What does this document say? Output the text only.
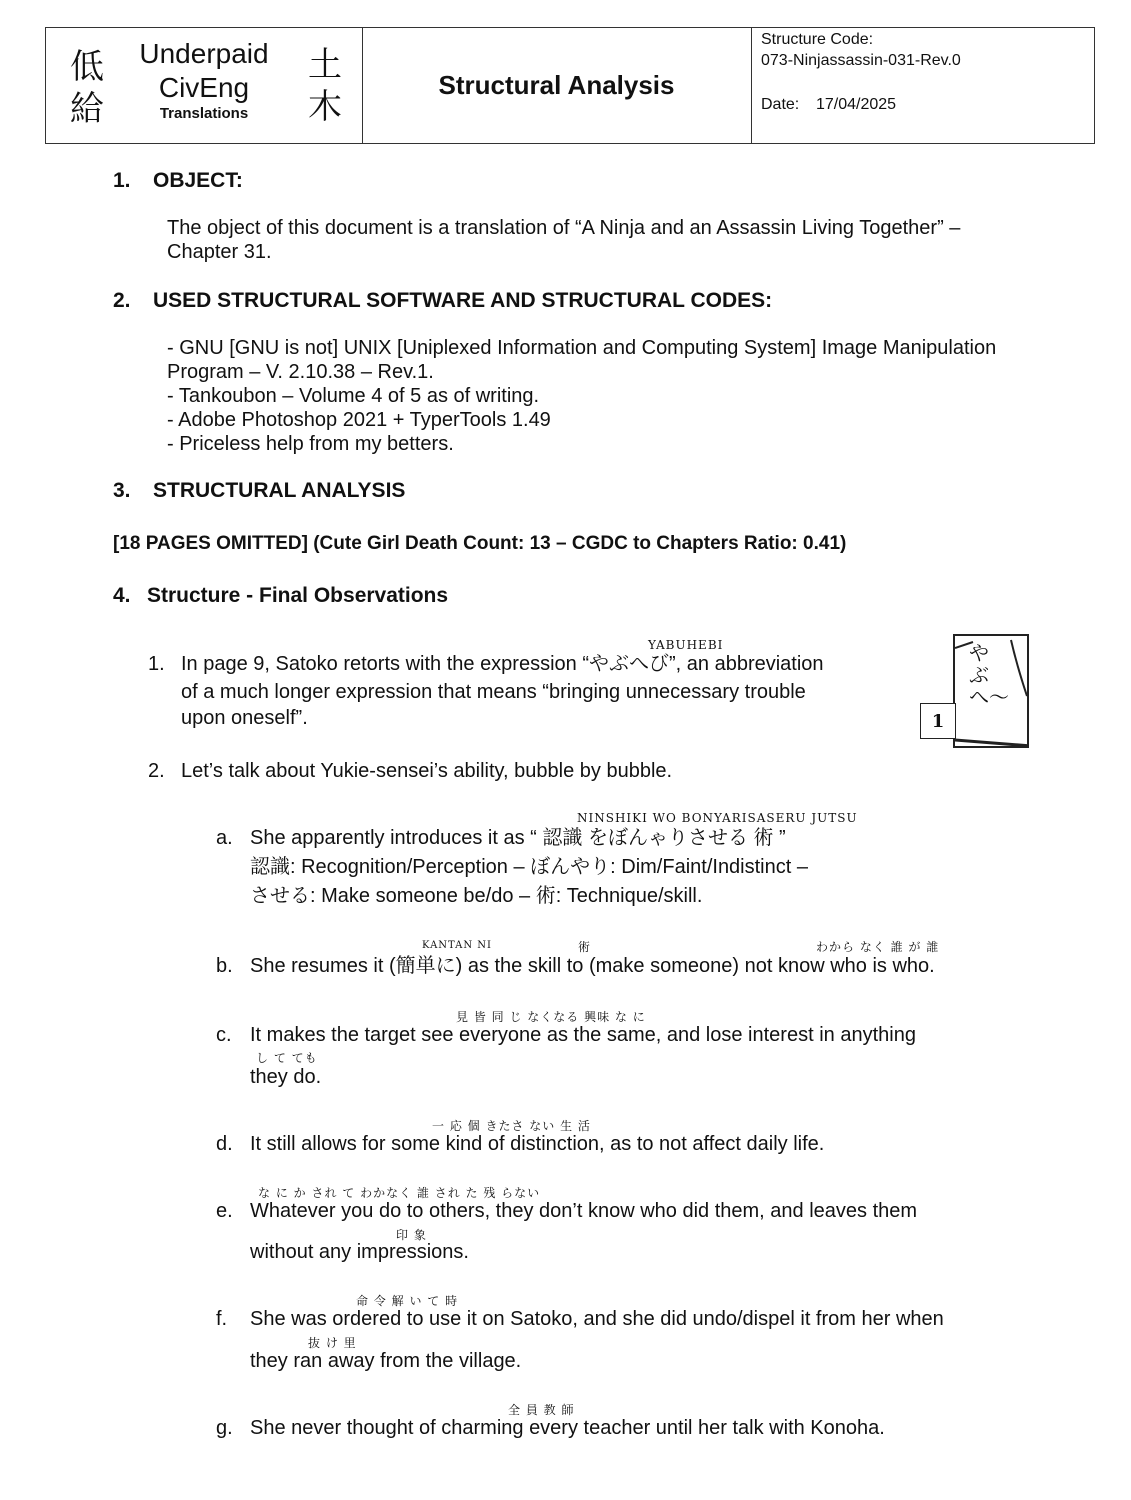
低
給
Underpaid
CivEng
Translations
土
木
Structural Analysis
Structure Code:
073-Ninjassassin-031-Rev.0
Date: 17/04/2025
1. OBJECT:
The object of this document is a translation of “A Ninja and an Assassin Living Together” –
Chapter 31.
2. USED STRUCTURAL SOFTWARE AND STRUCTURAL CODES:
- GNU [GNU is not] UNIX [Uniplexed Information and Computing System] Image Manipulation
Program – V. 2.10.38 – Rev.1.
- Tankoubon – Volume 4 of 5 as of writing.
- Adobe Photoshop 2021 + TyperTools 1.49
- Priceless help from my betters.
3. STRUCTURAL ANALYSIS
[18 PAGES OMITTED] (Cute Girl Death Count: 13 – CGDC to Chapters Ratio: 0.41)
4. Structure - Final Observations
YABUHEBI
1. In page 9, Satoko retorts with the expression “やぶへび”, an abbreviation
of a much longer expression that means “bringing unnecessary trouble
upon oneself”.
やぶへ〜
1
2. Let’s talk about Yukie-sensei’s ability, bubble by bubble.
NINSHIKI WO BONYARISASERU JUTSU
a. She apparently introduces it as “ 認識 をぼんゃりさせる 術 ”
認識: Recognition/Perception – ぼんやり: Dim/Faint/Indistinct –
させる: Make someone be/do – 術: Technique/skill.
KANTAN NI	術	わから なく 誰 が 誰
b. She resumes it (簡単に) as the skill to (make someone) not know who is who.
見 皆 同 じ なくなる 興味 な に
c. It makes the target see everyone as the same, and lose interest in anything
し て ても
they do.
一 応 個 きたさ ない 生 活
d. It still allows for some kind of distinction, as to not affect daily life.
な に か され て わかなく 誰 され た 残 らない
e. Whatever you do to others, they don’t know who did them, and leaves them
印 象
without any impressions.
命 令 解 い て 時
f. She was ordered to use it on Satoko, and she did undo/dispel it from her when
抜 け 里
they ran away from the village.
全 員 教 師
g. She never thought of charming every teacher until her talk with Konoha.
